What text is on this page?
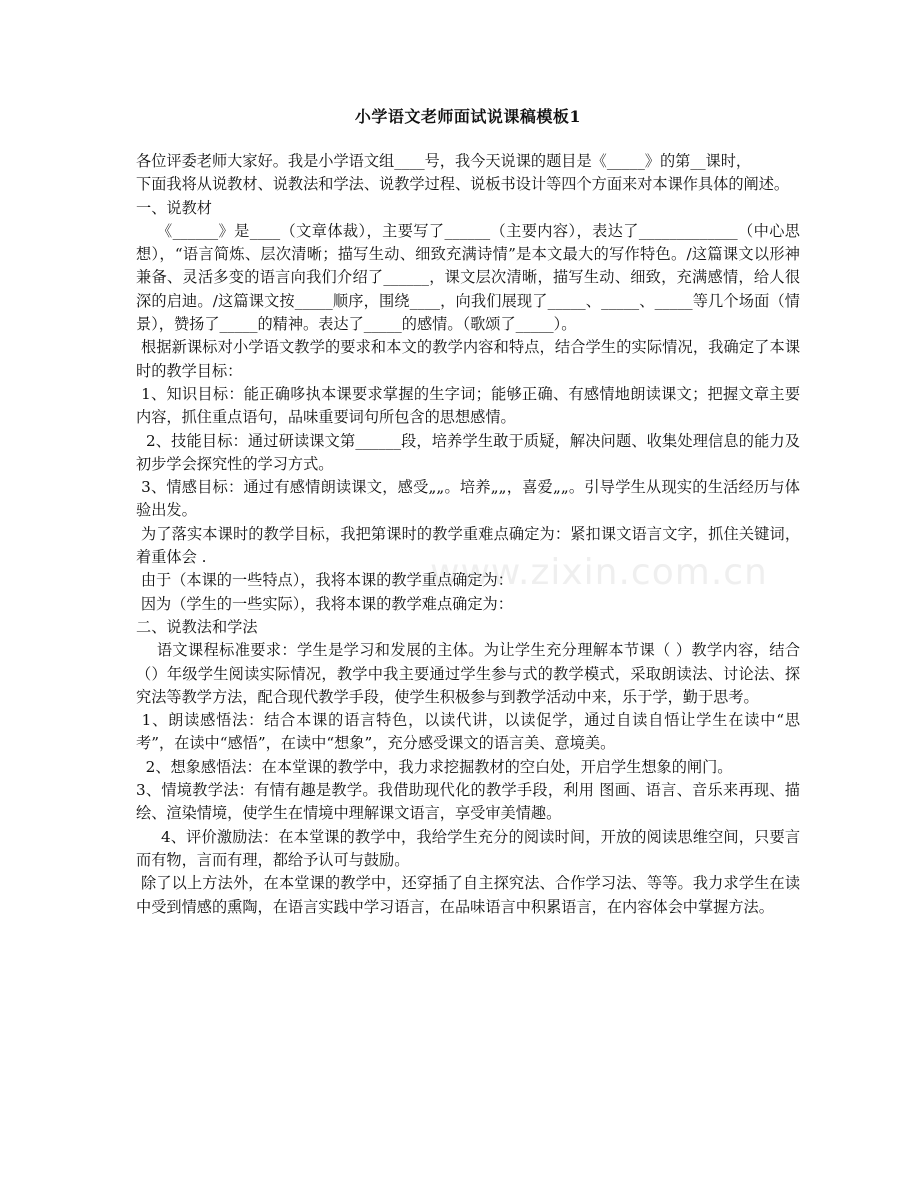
www.zixin.com.cn
小学语文老师面试说课稿模板1

各位评委老师大家好。我是小学语文组____号，我今天说课的题目是《_____》的第__课时，

下面我将从说教材、说教法和学法、说教学过程、说板书设计等四个方面来对本课作具体的阐述。

一、说教材

《______》是____（文章体裁），主要写了______（主要内容），表达了_____________（中心思想），“语言简炼、层次清晰；描写生动、细致充满诗情”是本文最大的写作特色。/这篇课文以形神兼备、灵活多变的语言向我们介绍了______，课文层次清晰，描写生动、细致，充满感情，给人很深的启迪。/这篇课文按_____顺序，围绕____，向我们展现了_____、_____、_____等几个场面（情景），赞扬了_____的精神。表达了_____的感情。（歌颂了_____）。

根据新课标对小学语文教学的要求和本文的教学内容和特点，结合学生的实际情况，我确定了本课时的教学目标：

1、知识目标：能正确哆执本课要求掌握的生字词；能够正确、有感情地朗读课文；把握文章主要内容，抓住重点语句，品味重要词句所包含的思想感情。

2、技能目标：通过研读课文第______段，培养学生敢于质疑，解决问题、收集处理信息的能力及初步学会探究性的学习方式。

3、情感目标：通过有感情朗读课文，感受„„。培养„„，喜爱„„。引导学生从现实的生活经历与体验出发。

为了落实本课时的教学目标，我把第课时的教学重难点确定为：紧扣课文语言文字，抓住关键词，着重体会 .

由于（本课的一些特点），我将本课的教学重点确定为：

因为（学生的一些实际），我将本课的教学难点确定为：

二、说教法和学法

语文课程标准要求：学生是学习和发展的主体。为让学生充分理解本节课（ ）教学内容，结合（）年级学生阅读实际情况，教学中我主要通过学生参与式的教学模式，采取朗读法、讨论法、探究法等教学方法，配合现代教学手段，使学生积极参与到教学活动中来，乐于学，勤于思考。

1、朗读感悟法：结合本课的语言特色，以读代讲，以读促学，通过自读自悟让学生在读中“思考”，在读中“感悟”，在读中“想象”，充分感受课文的语言美、意境美。

2、想象感悟法：在本堂课的教学中，我力求挖掘教材的空白处，开启学生想象的闸门。

3、情境教学法：有情有趣是教学。我借助现代化的教学手段，利用 图画、语言、音乐来再现、描绘、渲染情境，使学生在情境中理解课文语言，享受审美情趣。

4、评价激励法：在本堂课的教学中，我给学生充分的阅读时间，开放的阅读思维空间，只要言而有物，言而有理，都给予认可与鼓励。

除了以上方法外，在本堂课的教学中，还穿插了自主探究法、合作学习法、等等。我力求学生在读中受到情感的熏陶，在语言实践中学习语言，在品味语言中积累语言，在内容体会中掌握方法。
